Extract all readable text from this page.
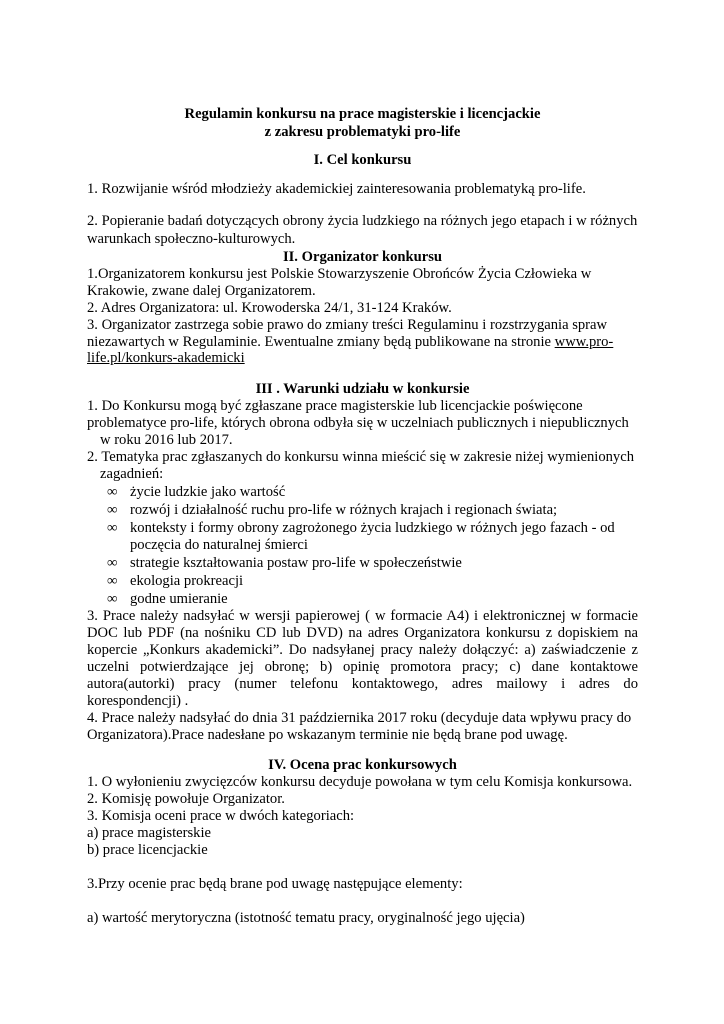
Regulamin konkursu na prace magisterskie i licencjackie
z zakresu problematyki pro-life
I. Cel konkursu
1. Rozwijanie wśród młodzieży akademickiej zainteresowania problematyką pro-life.
2. Popieranie badań dotyczących obrony życia ludzkiego na różnych jego etapach i w różnych
warunkach społeczno-kulturowych.
II. Organizator konkursu
1.Organizatorem konkursu jest Polskie Stowarzyszenie Obrońców Życia Człowieka w
Krakowie, zwane dalej Organizatorem.
2. Adres Organizatora: ul. Krowoderska 24/1, 31-124 Kraków.
3. Organizator zastrzega sobie prawo do zmiany treści Regulaminu i rozstrzygania spraw
niezawartych w Regulaminie. Ewentualne zmiany będą publikowane na stronie www.pro-
life.pl/konkurs-akademicki
III . Warunki udziału w konkursie
1. Do Konkursu mogą być zgłaszane prace magisterskie lub licencjackie poświęcone
problematyce pro-life, których obrona odbyła się w uczelniach publicznych i niepublicznych
w roku 2016 lub 2017.
2. Tematyka prac zgłaszanych do konkursu winna mieścić się w zakresie niżej wymienionych
zagadnień:
∞ życie ludzkie jako wartość
∞ rozwój i działalność ruchu pro-life w różnych krajach i regionach świata;
∞ konteksty i formy obrony zagrożonego życia ludzkiego w różnych jego fazach - od
poczęcia do naturalnej śmierci
∞ strategie kształtowania postaw pro-life w społeczeństwie
∞ ekologia prokreacji
∞ godne umieranie
3. Prace należy nadsyłać w wersji papierowej ( w formacie A4) i elektronicznej w formacie
DOC lub PDF (na nośniku CD lub DVD) na adres Organizatora konkursu z dopiskiem na
kopercie „Konkurs akademicki”. Do nadsyłanej pracy należy dołączyć: a) zaświadczenie z
uczelni potwierdzające jej obronę; b) opinię promotora pracy; c) dane kontaktowe
autora(autorki) pracy (numer telefonu kontaktowego, adres mailowy i adres do
korespondencji) .
4. Prace należy nadsyłać do dnia 31 października 2017 roku (decyduje data wpływu pracy do
Organizatora).Prace nadesłane po wskazanym terminie nie będą brane pod uwagę.
IV. Ocena prac konkursowych
1. O wyłonieniu zwycięzców konkursu decyduje powołana w tym celu Komisja konkursowa.
2. Komisję powołuje Organizator.
3. Komisja oceni prace w dwóch kategoriach:
a) prace magisterskie
b) prace licencjackie
3.Przy ocenie prac będą brane pod uwagę następujące elementy:
a) wartość merytoryczna (istotność tematu pracy, oryginalność jego ujęcia)
